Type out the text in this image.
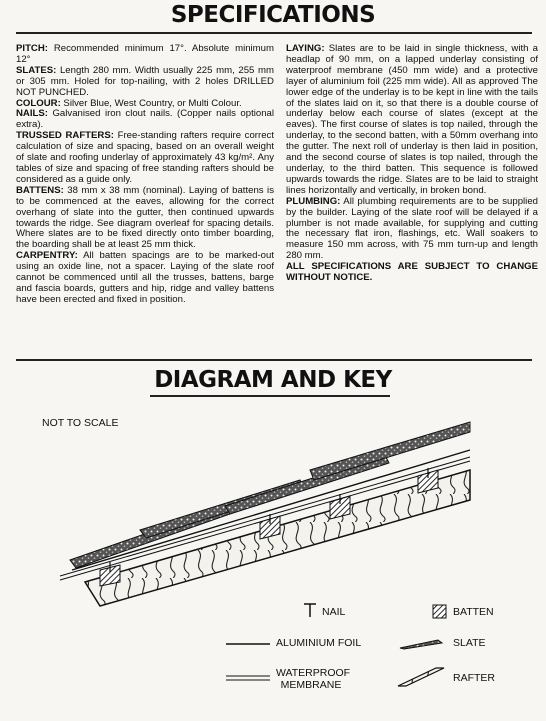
SPECIFICATIONS

PITCH: Recommended minimum 17°. Absolute minimum 12°

SLATES: Length 280 mm. Width usually 225 mm, 255 mm or 305 mm. Holed for top-nailing, with 2 holes DRILLED NOT PUNCHED.

COLOUR: Silver Blue, West Country, or Multi Colour.

NAILS: Galvanised iron clout nails. (Copper nails optional extra).

TRUSSED RAFTERS: Free-standing rafters require correct calculation of size and spacing, based on an overall weight of slate and roofing underlay of approximately 43 kg/m². Any tables of size and spacing of free standing rafters should be considered as a guide only.

BATTENS: 38 mm x 38 mm (nominal). Laying of battens is to be commenced at the eaves, allowing for the correct overhang of slate into the gutter, then continued upwards towards the ridge. See diagram overleaf for spacing details. Where slates are to be fixed directly onto timber boarding, the boarding shall be at least 25 mm thick.

CARPENTRY: All batten spacings are to be marked-out using an oxide line, not a spacer. Laying of the slate roof cannot be commenced until all the trusses, battens, barge and fascia boards, gutters and hip, ridge and valley battens have been erected and fixed in position.

LAYING: Slates are to be laid in single thickness, with a headlap of 90 mm, on a lapped underlay consisting of waterproof membrane (450 mm wide) and a protective layer of aluminium foil (225 mm wide). All as approved The lower edge of the underlay is to be kept in line with the tails of the slates laid on it, so that there is a double course of underlay below each course of slates (except at the eaves). The first course of slates is top nailed, through the underlay, to the second batten, with a 50mm overhang into the gutter. The next roll of underlay is then laid in position, and the second course of slates is top nailed, through the underlay, to the third batten. This sequence is followed upwards towards the ridge. Slates are to be laid to straight lines horizontally and vertically, in broken bond.

PLUMBING: All plumbing requirements are to be supplied by the builder. Laying of the slate roof will be delayed if a plumber is not made available, for supplying and cutting the necessary flat iron, flashings, etc. Wall soakers to measure 150 mm across, with 75 mm turn-up and length 280 mm.

ALL SPECIFICATIONS ARE SUBJECT TO CHANGE WITHOUT NOTICE.

DIAGRAM AND KEY
NOT TO SCALE
NAIL	BATTEN
ALUMINIUM FOIL	SLATE
WATERPROOF
MEMBRANE
RAFTER
